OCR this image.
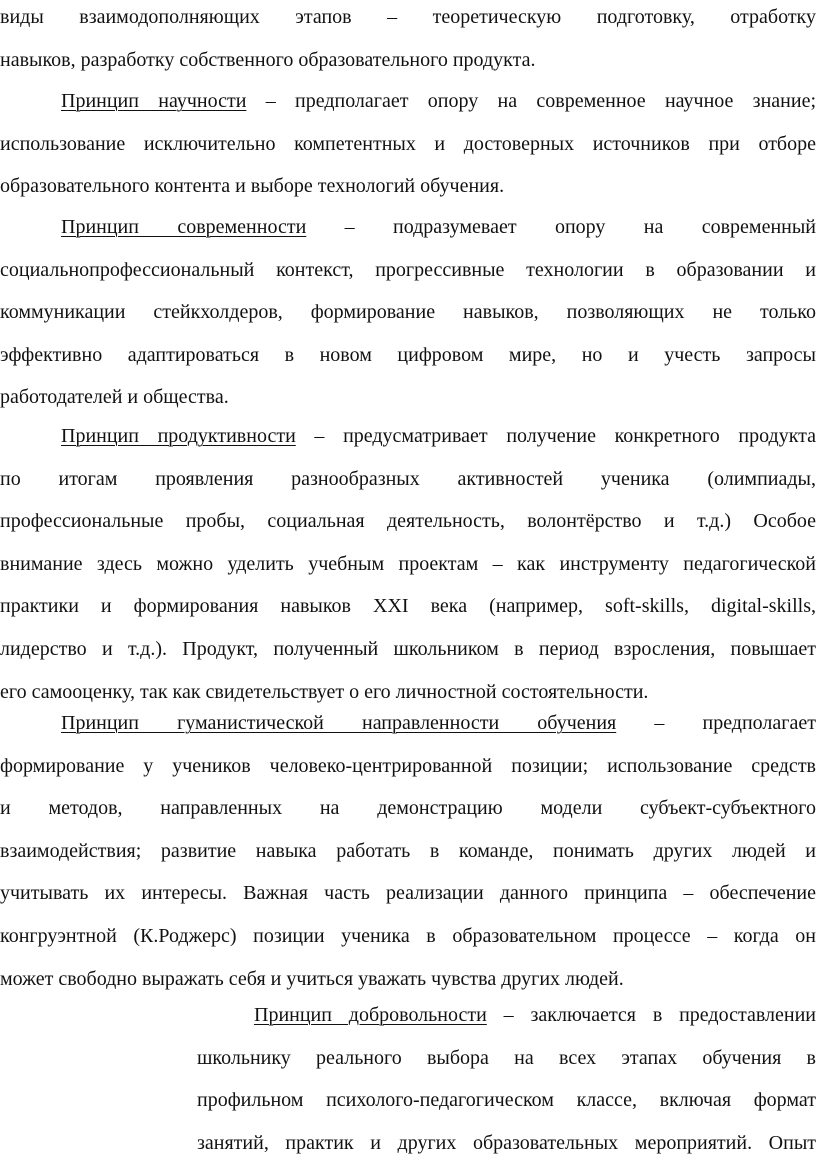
виды взаимодополняющих этапов – теоретическую подготовку, отработку
навыков, разработку собственного образовательного продукта.
Принцип научности – предполагает опору на современное научное знание;
использование исключительно компетентных и достоверных источников при отборе
образовательного контента и выборе технологий обучения.
Принцип современности – подразумевает опору на современный
социальнопрофессиональный контекст, прогрессивные технологии в образовании и
коммуникации стейкхолдеров, формирование навыков, позволяющих не только
эффективно адаптироваться в новом цифровом мире, но и учесть запросы
работодателей и общества.
Принцип продуктивности – предусматривает получение конкретного продукта
по итогам проявления разнообразных активностей ученика (олимпиады,
профессиональные пробы, социальная деятельность, волонтёрство и т.д.) Особое
внимание здесь можно уделить учебным проектам – как инструменту педагогической
практики и формирования навыков XXI века (например, soft-skills, digital-skills,
лидерство и т.д.). Продукт, полученный школьником в период взросления, повышает
его самооценку, так как свидетельствует о его личностной состоятельности.
Принцип гуманистической направленности обучения – предполагает
формирование у учеников человеко-центрированной позиции; использование средств
и методов, направленных на демонстрацию модели субъект-субъектного
взаимодействия; развитие навыка работать в команде, понимать других людей и
учитывать их интересы. Важная часть реализации данного принципа – обеспечение
конгруэнтной (К.Роджерс) позиции ученика в образовательном процессе – когда он
может свободно выражать себя и учиться уважать чувства других людей.
Принцип добровольности – заключается в предоставлении
школьнику реального выбора на всех этапах обучения в
профильном психолого-педагогическом классе, включая формат
занятий, практик и других образовательных мероприятий. Опыт
